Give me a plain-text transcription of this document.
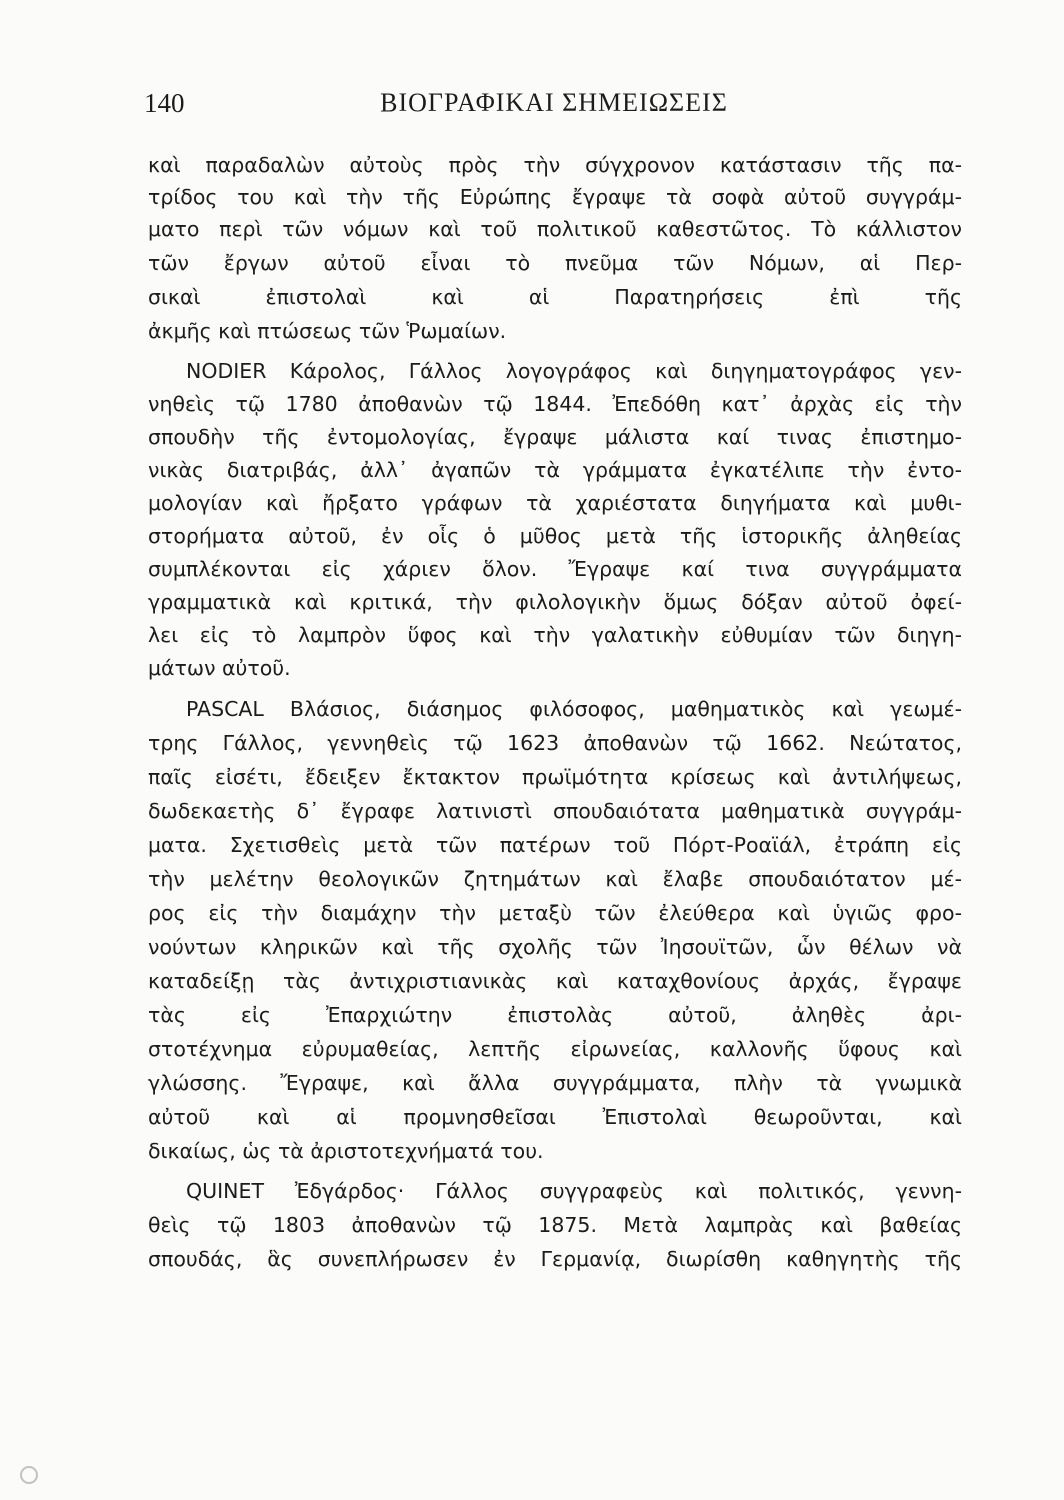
140	ΒΙΟΓΡΑΦΙΚΑΙ ΣΗΜΕΙΩΣΕΙΣ
καὶ παραδαλὼν αὐτοὺς πρὸς τὴν σύγχρονον κατάστασιν τῆς πα-
τρίδος του καὶ τὴν τῆς Εὐρώπης ἔγραψε τὰ σοφὰ αὐτοῦ συγγράμ-
ματο περὶ τῶν νόμων καὶ τοῦ πολιτικοῦ καθεστῶτος. Τὸ κάλλιστον
τῶν ἔργων αὐτοῦ εἶναι τὸ πνεῦμα τῶν Νόμων, αἱ Περ-
σικαὶ ἐπιστολαὶ καὶ αἱ Παρατηρήσεις ἐπὶ τῆς
ἀκμῆς καὶ πτώσεως τῶν Ῥωμαίων.
NODIER Κάρολος, Γάλλος λογογράφος καὶ διηγηματογράφος γεν-
νηθεὶς τῷ 1780 ἀποθανὼν τῷ 1844. Ἐπεδόθη κατ᾽ ἀρχὰς εἰς τὴν
σπουδὴν τῆς ἐντομολογίας, ἔγραψε μάλιστα καί τινας ἐπιστημο-
νικὰς διατριβάς, ἀλλ᾽ ἀγαπῶν τὰ γράμματα ἐγκατέλιπε τὴν ἐντο-
μολογίαν καὶ ἤρξατο γράφων τὰ χαριέστατα διηγήματα καὶ μυθι-
στορήματα αὐτοῦ, ἐν οἷς ὁ μῦθος μετὰ τῆς ἱστορικῆς ἀληθείας
συμπλέκονται εἰς χάριεν ὅλον. Ἔγραψε καί τινα συγγράμματα
γραμματικὰ καὶ κριτικά, τὴν φιλολογικὴν ὅμως δόξαν αὐτοῦ ὀφεί-
λει εἰς τὸ λαμπρὸν ὕφος καὶ τὴν γαλατικὴν εὐθυμίαν τῶν διηγη-
μάτων αὐτοῦ.
PASCAL Βλάσιος, διάσημος φιλόσοφος, μαθηματικὸς καὶ γεωμέ-
τρης Γάλλος, γεννηθεὶς τῷ 1623 ἀποθανὼν τῷ 1662. Νεώτατος,
παῖς εἰσέτι, ἔδειξεν ἔκτακτον πρωϊμότητα κρίσεως καὶ ἀντιλήψεως,
δωδεκαετὴς δ᾽ ἔγραφε λατινιστὶ σπουδαιότατα μαθηματικὰ συγγράμ-
ματα. Σχετισθεὶς μετὰ τῶν πατέρων τοῦ Πόρτ-Ροαϊάλ, ἐτράπη εἰς
τὴν μελέτην θεολογικῶν ζητημάτων καὶ ἔλαβε σπουδαιότατον μέ-
ρος εἰς τὴν διαμάχην τὴν μεταξὺ τῶν ἐλεύθερα καὶ ὑγιῶς φρο-
νούντων κληρικῶν καὶ τῆς σχολῆς τῶν Ἰησουϊτῶν, ὧν θέλων νὰ
καταδείξῃ τὰς ἀντιχριστιανικὰς καὶ καταχθονίους ἀρχάς, ἔγραψε
τὰς εἰς Ἐπαρχιώτην ἐπιστολὰς αὐτοῦ, ἀληθὲς ἀρι-
στοτέχνημα εὐρυμαθείας, λεπτῆς εἰρωνείας, καλλονῆς ὕφους καὶ
γλώσσης. Ἔγραψε, καὶ ἄλλα συγγράμματα, πλὴν τὰ γνωμικὰ
αὐτοῦ καὶ αἱ προμνησθεῖσαι Ἐπιστολαὶ θεωροῦνται, καὶ
δικαίως, ὡς τὰ ἀριστοτεχνήματά του.
QUINET Ἐδγάρδος· Γάλλος συγγραφεὺς καὶ πολιτικός, γεννη-
θεὶς τῷ 1803 ἀποθανὼν τῷ 1875. Μετὰ λαμπρὰς καὶ βαθείας
σπουδάς, ἃς συνεπλήρωσεν ἐν Γερμανίᾳ, διωρίσθη καθηγητὴς τῆς
